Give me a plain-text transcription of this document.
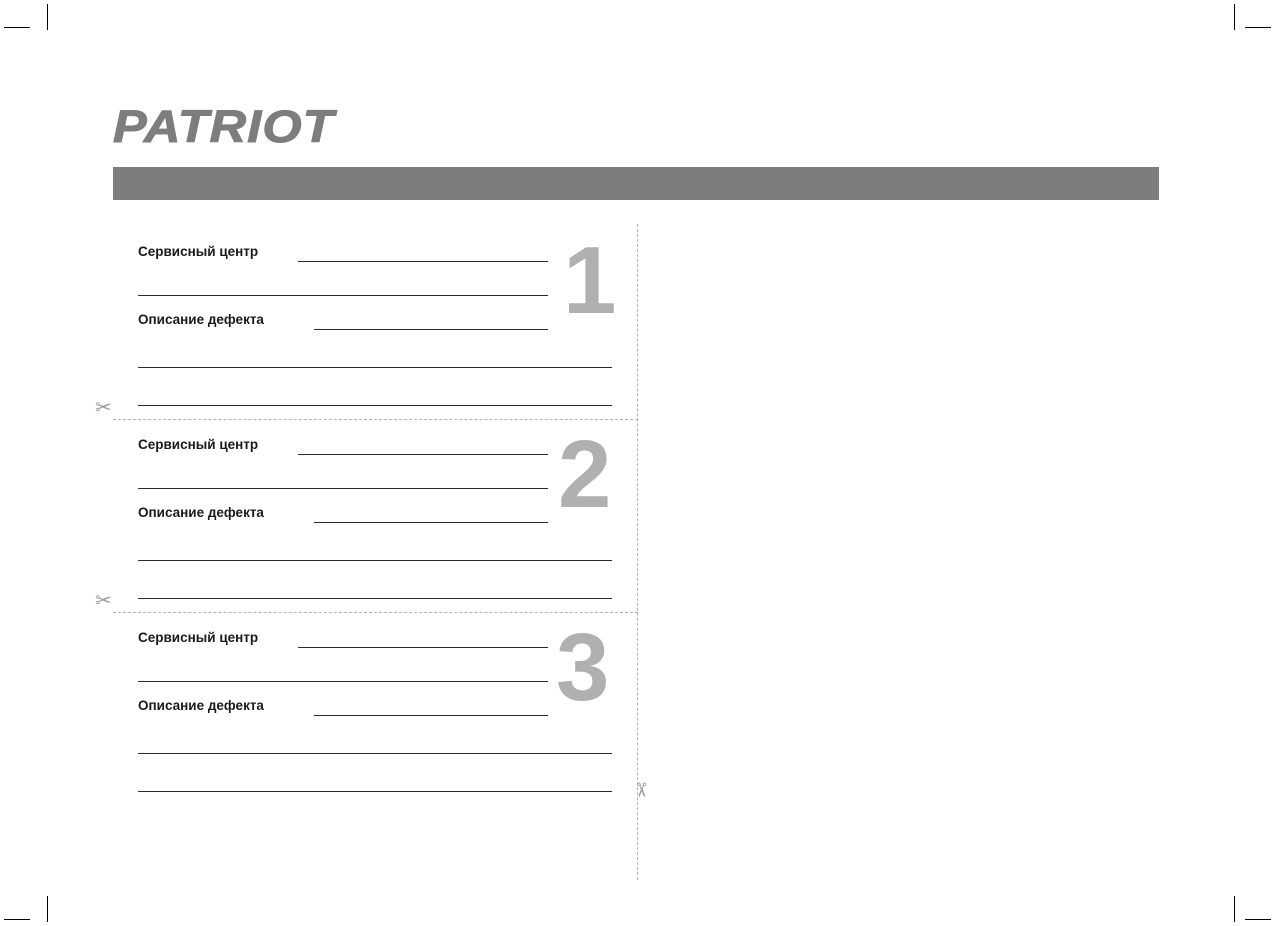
PATRIOT
Сервисный центр
Описание дефекта	1
✂
Сервисный центр
Описание дефекта	2
✂
Сервисный центр
Описание дефекта	3
✂
